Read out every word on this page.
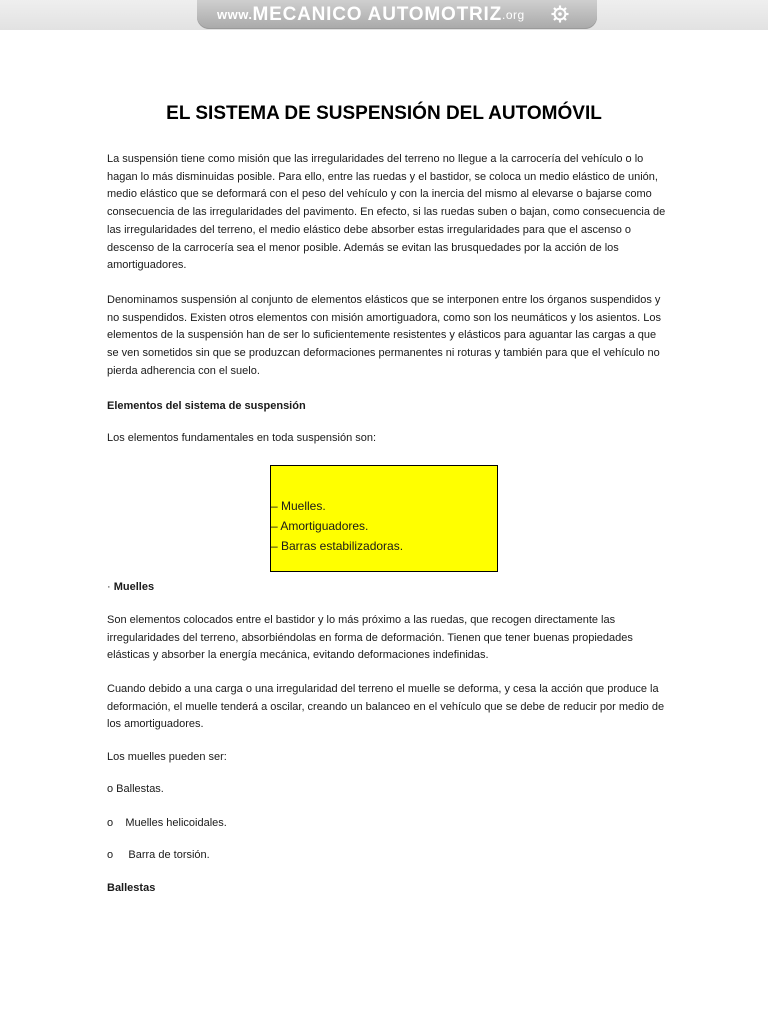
www. MECANICO AUTOMOTRIZ .org
EL SISTEMA DE SUSPENSIÓN DEL AUTOMÓVIL

La suspensión tiene como misión que las irregularidades del terreno no llegue a la carrocería del vehículo o lo hagan lo más disminuidas posible. Para ello, entre las ruedas y el bastidor, se coloca un medio elástico de unión, medio elástico que se deformará con el peso del vehículo y con la inercia del mismo al elevarse o bajarse como consecuencia de las irregularidades del pavimento. En efecto, si las ruedas suben o bajan, como consecuencia de las irregularidades del terreno, el medio elástico debe absorber estas irregularidades para que el ascenso o descenso de la carrocería sea el menor posible. Además se evitan las brusquedades por la acción de los amortiguadores.

Denominamos suspensión al conjunto de elementos elásticos que se interponen entre los órganos suspendidos y no suspendidos. Existen otros elementos con misión amortiguadora, como son los neumáticos y los asientos. Los elementos de la suspensión han de ser lo suficientemente resistentes y elásticos para aguantar las cargas a que se ven sometidos sin que se produzcan deformaciones permanentes ni roturas y también para que el vehículo no pierda adherencia con el suelo.

Elementos del sistema de suspensión

Los elementos fundamentales en toda suspensión son:

– Muelles.
– Amortiguadores.
– Barras estabilizadoras.

· Muelles

Son elementos colocados entre el bastidor y lo más próximo a las ruedas, que recogen directamente las irregularidades del terreno, absorbiéndolas en forma de deformación. Tienen que tener buenas propiedades elásticas y absorber la energía mecánica, evitando deformaciones indefinidas.

Cuando debido a una carga o una irregularidad del terreno el muelle se deforma, y cesa la acción que produce la deformación, el muelle tenderá a oscilar, creando un balanceo en el vehículo que se debe de reducir por medio de los amortiguadores.

Los muelles pueden ser:

o Ballestas.

o    Muelles helicoidales.

o     Barra de torsión.

Ballestas
